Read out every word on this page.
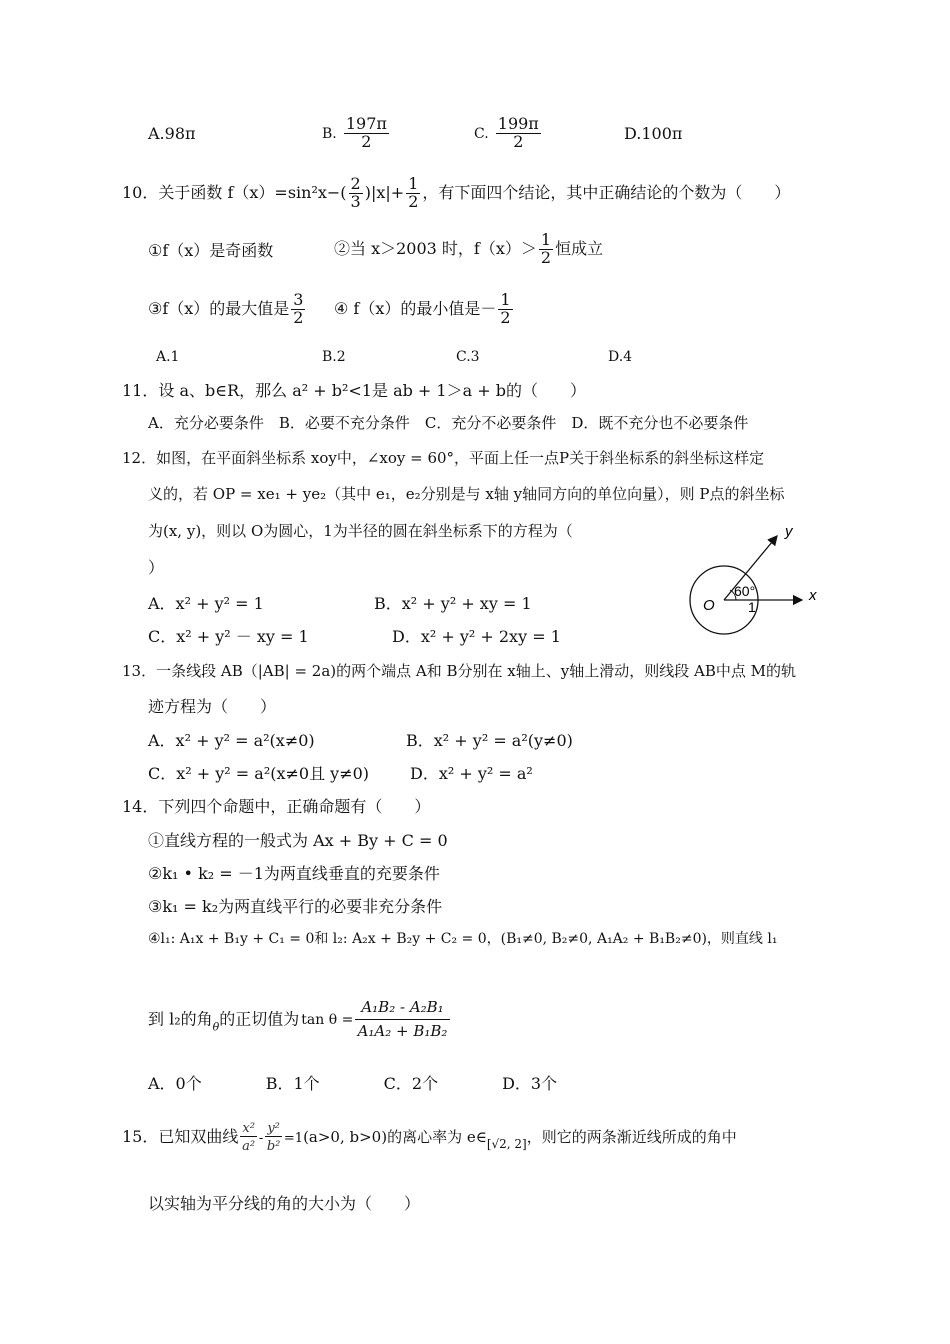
A.98π	B. $\frac{197\pi}{2}$	C. $\frac{199\pi}{2}$	D.100π
10．关于函数 $f(x)=\sin^2x-( \frac{2}{3} )|x|+ \frac{1}{2}$ ，有下面四个结论，其中正确结论的个数为（　　）
①f（x）是奇函数	②当 x＞2003 时，$f(x)> \frac{1}{2}$ 恒成立
③f（x）的最大值是 $\frac{3}{2}$ ④ f（x）的最小值是－ $\frac{1}{2}$
A.1	B.2	C.3	D.4
11．设 a、b∈R，那么 a² + b²<1是 ab + 1＞a + b的（　　）
A．充分必要条件　B．必要不充分条件　C．充分不必要条件　D．既不充分也不必要条件
12．如图，在平面斜坐标系 xoy中，∠xoy = 60°，平面上任一点P关于斜坐标系的斜坐标这样定
义的，若 OP = xe₁ + ye₂（其中 e₁，e₂分别是与 x轴 y轴同方向的单位向量），则 P点的斜坐标
为(x, y)，则以 O为圆心，1为半径的圆在斜坐标系下的方程为（
）
A．x² + y² = 1	B．x² + y² + xy = 1
C．x² + y² － xy = 1	D．x² + y² + 2xy = 1
y
x
O
60°
1
13．一条线段 AB（|AB| = 2a)的两个端点 A和 B分别在 x轴上、y轴上滑动，则线段 AB中点 M的轨
迹方程为（　　）
A．x² + y² = a²(x≠0)	B．x² + y² = a²(y≠0)
C．x² + y² = a²(x≠0且 y≠0)	D．x² + y² = a²
14．下列四个命题中，正确命题有（　　）
①直线方程的一般式为 Ax + By + C = 0
②k₁ • k₂ = －1为两直线垂直的充要条件
③k₁ = k₂为两直线平行的必要非充分条件
④l₁: A₁x + B₁y + C₁ = 0和 l₂: A₂x + B₂y + C₂ = 0，(B₁≠0, B₂≠0, A₁A₂ + B₁B₂≠0)，则直线 l₁
到 l₂的角$_\theta$的正切值为 $\tan \theta = \frac{\text{A₁B₂ - A₂B₁}}{\text{A₁A₂ + B₁B₂}}$
A．0个　　　　B．1个　　　　C．2个　　　　D．3个
15．已知双曲线 $\frac{\text{x²}}{\text{a²}} - \frac{\text{y²}}{\text{b²}} =1(a>0$, b>0)的离心率为 $e\in_{[√2, 2]}$，则它的两条渐近线所成的角中
以实轴为平分线的角的大小为（　　）
